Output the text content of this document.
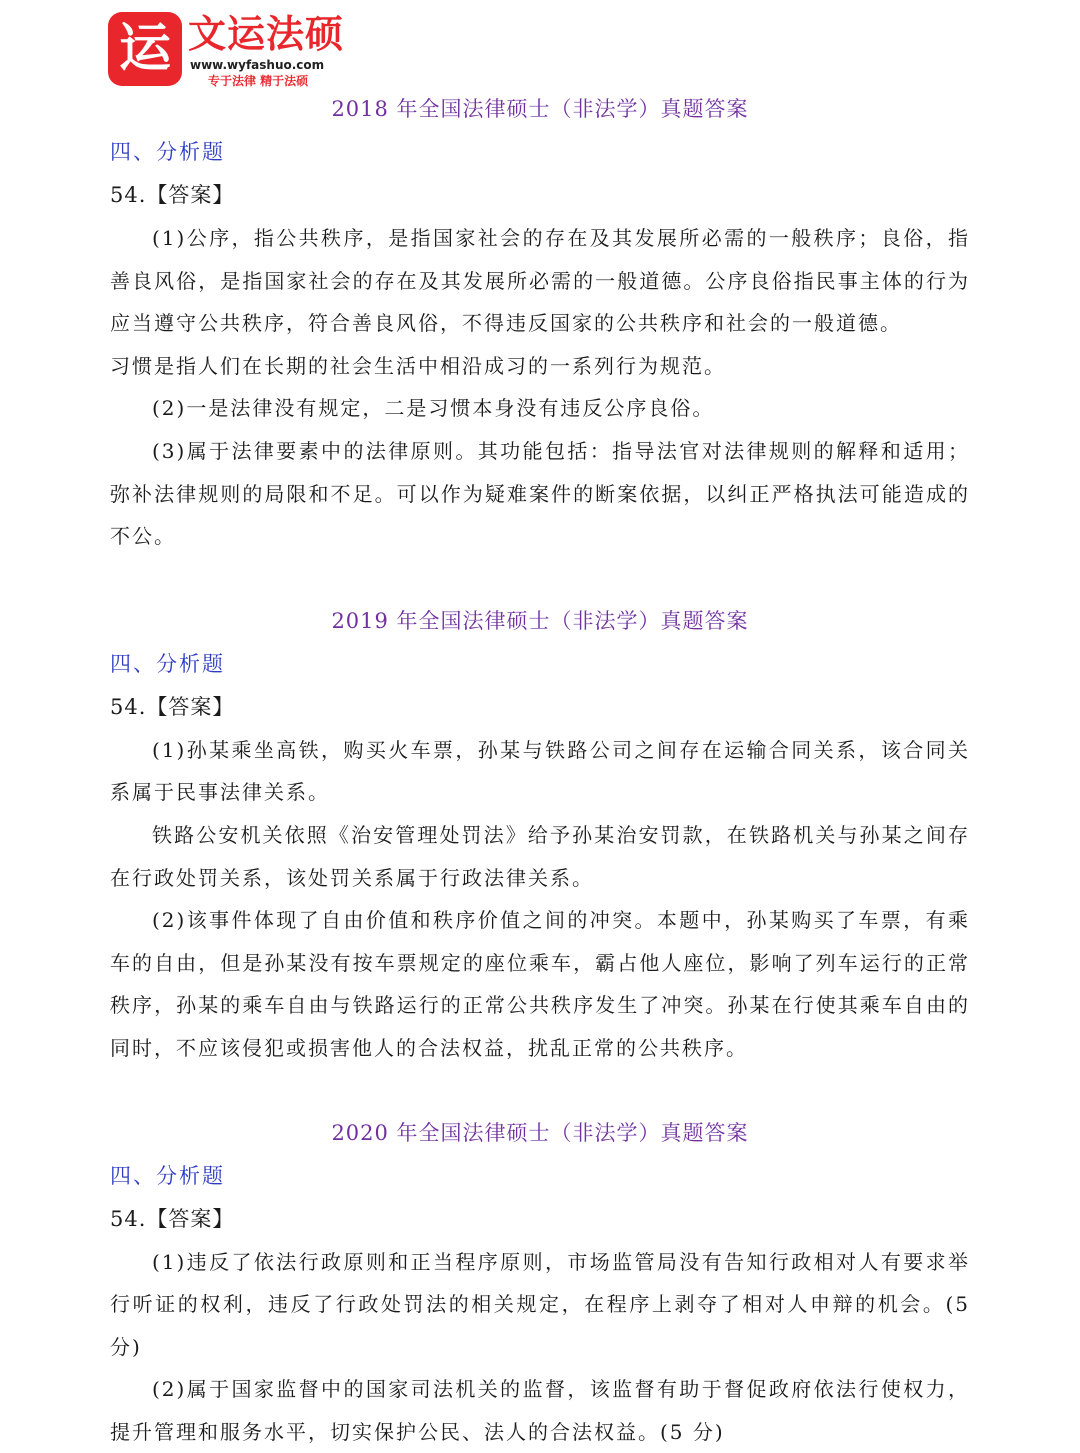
运 文运法硕
www.wyfashuo.com
专于法律 精于法硕
2018 年全国法律硕士（非法学）真题答案
四、分析题
54.【答案】

(1)公序，指公共秩序，是指国家社会的存在及其发展所必需的一般秩序；良俗，指善良风俗，是指国家社会的存在及其发展所必需的一般道德。公序良俗指民事主体的行为应当遵守公共秩序，符合善良风俗，不得违反国家的公共秩序和社会的一般道德。

习惯是指人们在长期的社会生活中相沿成习的一系列行为规范。

(2)一是法律没有规定，二是习惯本身没有违反公序良俗。

(3)属于法律要素中的法律原则。其功能包括：指导法官对法律规则的解释和适用；弥补法律规则的局限和不足。可以作为疑难案件的断案依据，以纠正严格执法可能造成的不公。

2019 年全国法律硕士（非法学）真题答案
四、分析题
54.【答案】

(1)孙某乘坐高铁，购买火车票，孙某与铁路公司之间存在运输合同关系，该合同关系属于民事法律关系。

铁路公安机关依照《治安管理处罚法》给予孙某治安罚款，在铁路机关与孙某之间存在行政处罚关系，该处罚关系属于行政法律关系。

(2)该事件体现了自由价值和秩序价值之间的冲突。本题中，孙某购买了车票，有乘车的自由，但是孙某没有按车票规定的座位乘车，霸占他人座位，影响了列车运行的正常秩序，孙某的乘车自由与铁路运行的正常公共秩序发生了冲突。孙某在行使其乘车自由的同时，不应该侵犯或损害他人的合法权益，扰乱正常的公共秩序。

2020 年全国法律硕士（非法学）真题答案
四、分析题
54.【答案】

(1)违反了依法行政原则和正当程序原则，市场监管局没有告知行政相对人有要求举行听证的权利，违反了行政处罚法的相关规定，在程序上剥夺了相对人申辩的机会。(5 分)

(2)属于国家监督中的国家司法机关的监督，该监督有助于督促政府依法行使权力，提升管理和服务水平，切实保护公民、法人的合法权益。(5 分)
